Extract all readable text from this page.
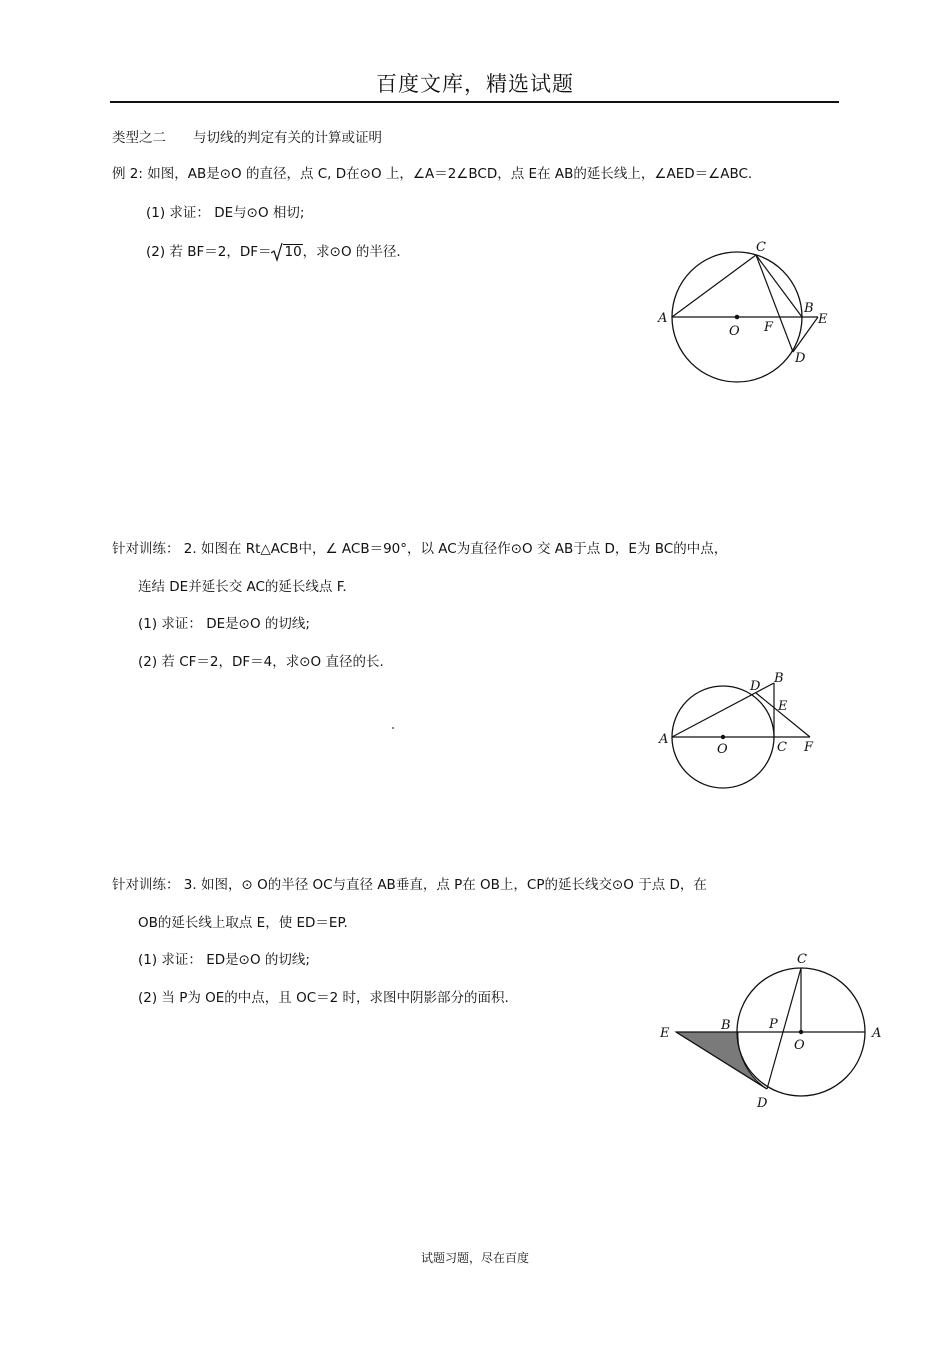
百度文库，精选试题
类型之二　　与切线的判定有关的计算或证明
例 2: 如图，AB是⊙O 的直径，点 C, D在⊙O 上，∠A＝2∠BCD，点 E在 AB的延长线上，∠AED＝∠ABC.
(1) 求证： DE与⊙O 相切;
(2) 若 BF＝2，DF＝ 10，求⊙O 的半径.
A
C
B
E
O F
D
针对训练： 2. 如图在 Rt△ACB中，∠ ACB＝90°，以 AC为直径作⊙O 交 AB于点 D，E为 BC的中点，
连结 DE并延长交 AC的延长线点 F.
(1) 求证： DE是⊙O 的切线;
(2) 若 CF＝2，DF＝4，求⊙O 直径的长.
A
D
B
E
O	C F
针对训练： 3. 如图，⊙ O的半径 OC与直径 AB垂直，点 P在 OB上，CP的延长线交⊙O 于点 D，在
OB的延长线上取点 E，使 ED＝EP.
(1) 求证： ED是⊙O 的切线;
(2) 当 P为 OE的中点，且 OC＝2 时，求图中阴影部分的面积.
E
B	P
C
O
A
D
试题习题，尽在百度
